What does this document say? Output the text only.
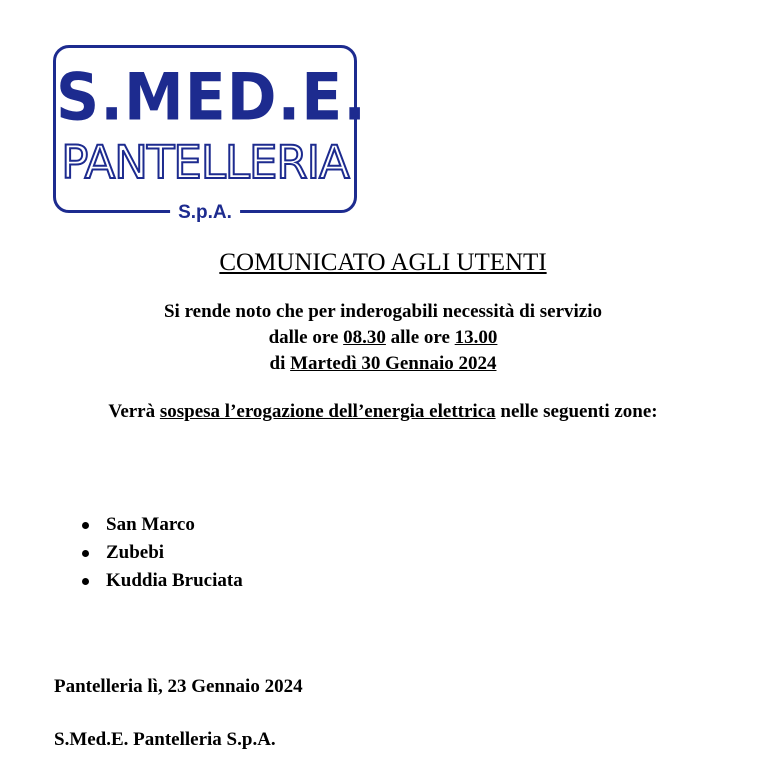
S.MED.E.
PANTELLERIA
S.p.A.
COMUNICATO AGLI UTENTI
Si rende noto che per inderogabili necessità di servizio
dalle ore 08.30 alle ore 13.00
di Martedì 30 Gennaio 2024
Verrà sospesa l’erogazione dell’energia elettrica nelle seguenti zone:
San Marco
Zubebi
Kuddia Bruciata
Pantelleria lì, 23 Gennaio 2024
S.Med.E. Pantelleria S.p.A.
